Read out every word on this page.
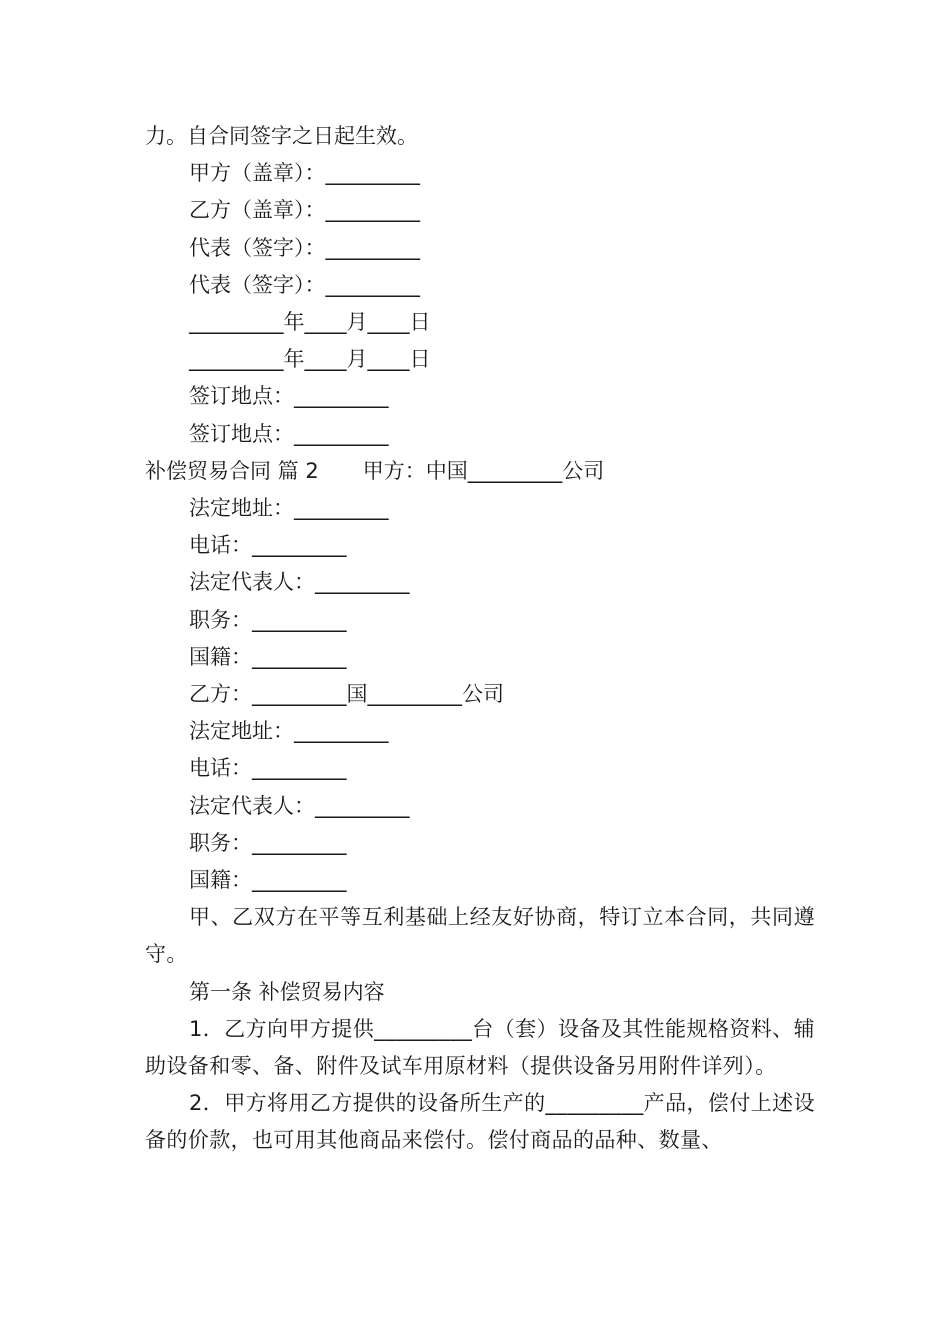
力。自合同签字之日起生效。

甲方（盖章）：_________

乙方（盖章）：_________

代表（签字）：_________

代表（签字）：_________

_________年____月____日

_________年____月____日

签订地点：_________

签订地点：_________

补偿贸易合同 篇 2 甲方：中国_________公司

法定地址：_________

电话：_________

法定代表人：_________

职务：_________

国籍：_________

乙方：_________国_________公司

法定地址：_________

电话：_________

法定代表人：_________

职务：_________

国籍：_________

甲、乙双方在平等互利基础上经友好协商，特订立本合同，共同遵守。

第一条 补偿贸易内容

1．乙方向甲方提供_________台（套）设备及其性能规格资料、辅助设备和零、备、附件及试车用原材料（提供设备另用附件详列）。

2．甲方将用乙方提供的设备所生产的_________产品，偿付上述设备的价款，也可用其他商品来偿付。偿付商品的品种、数量、
